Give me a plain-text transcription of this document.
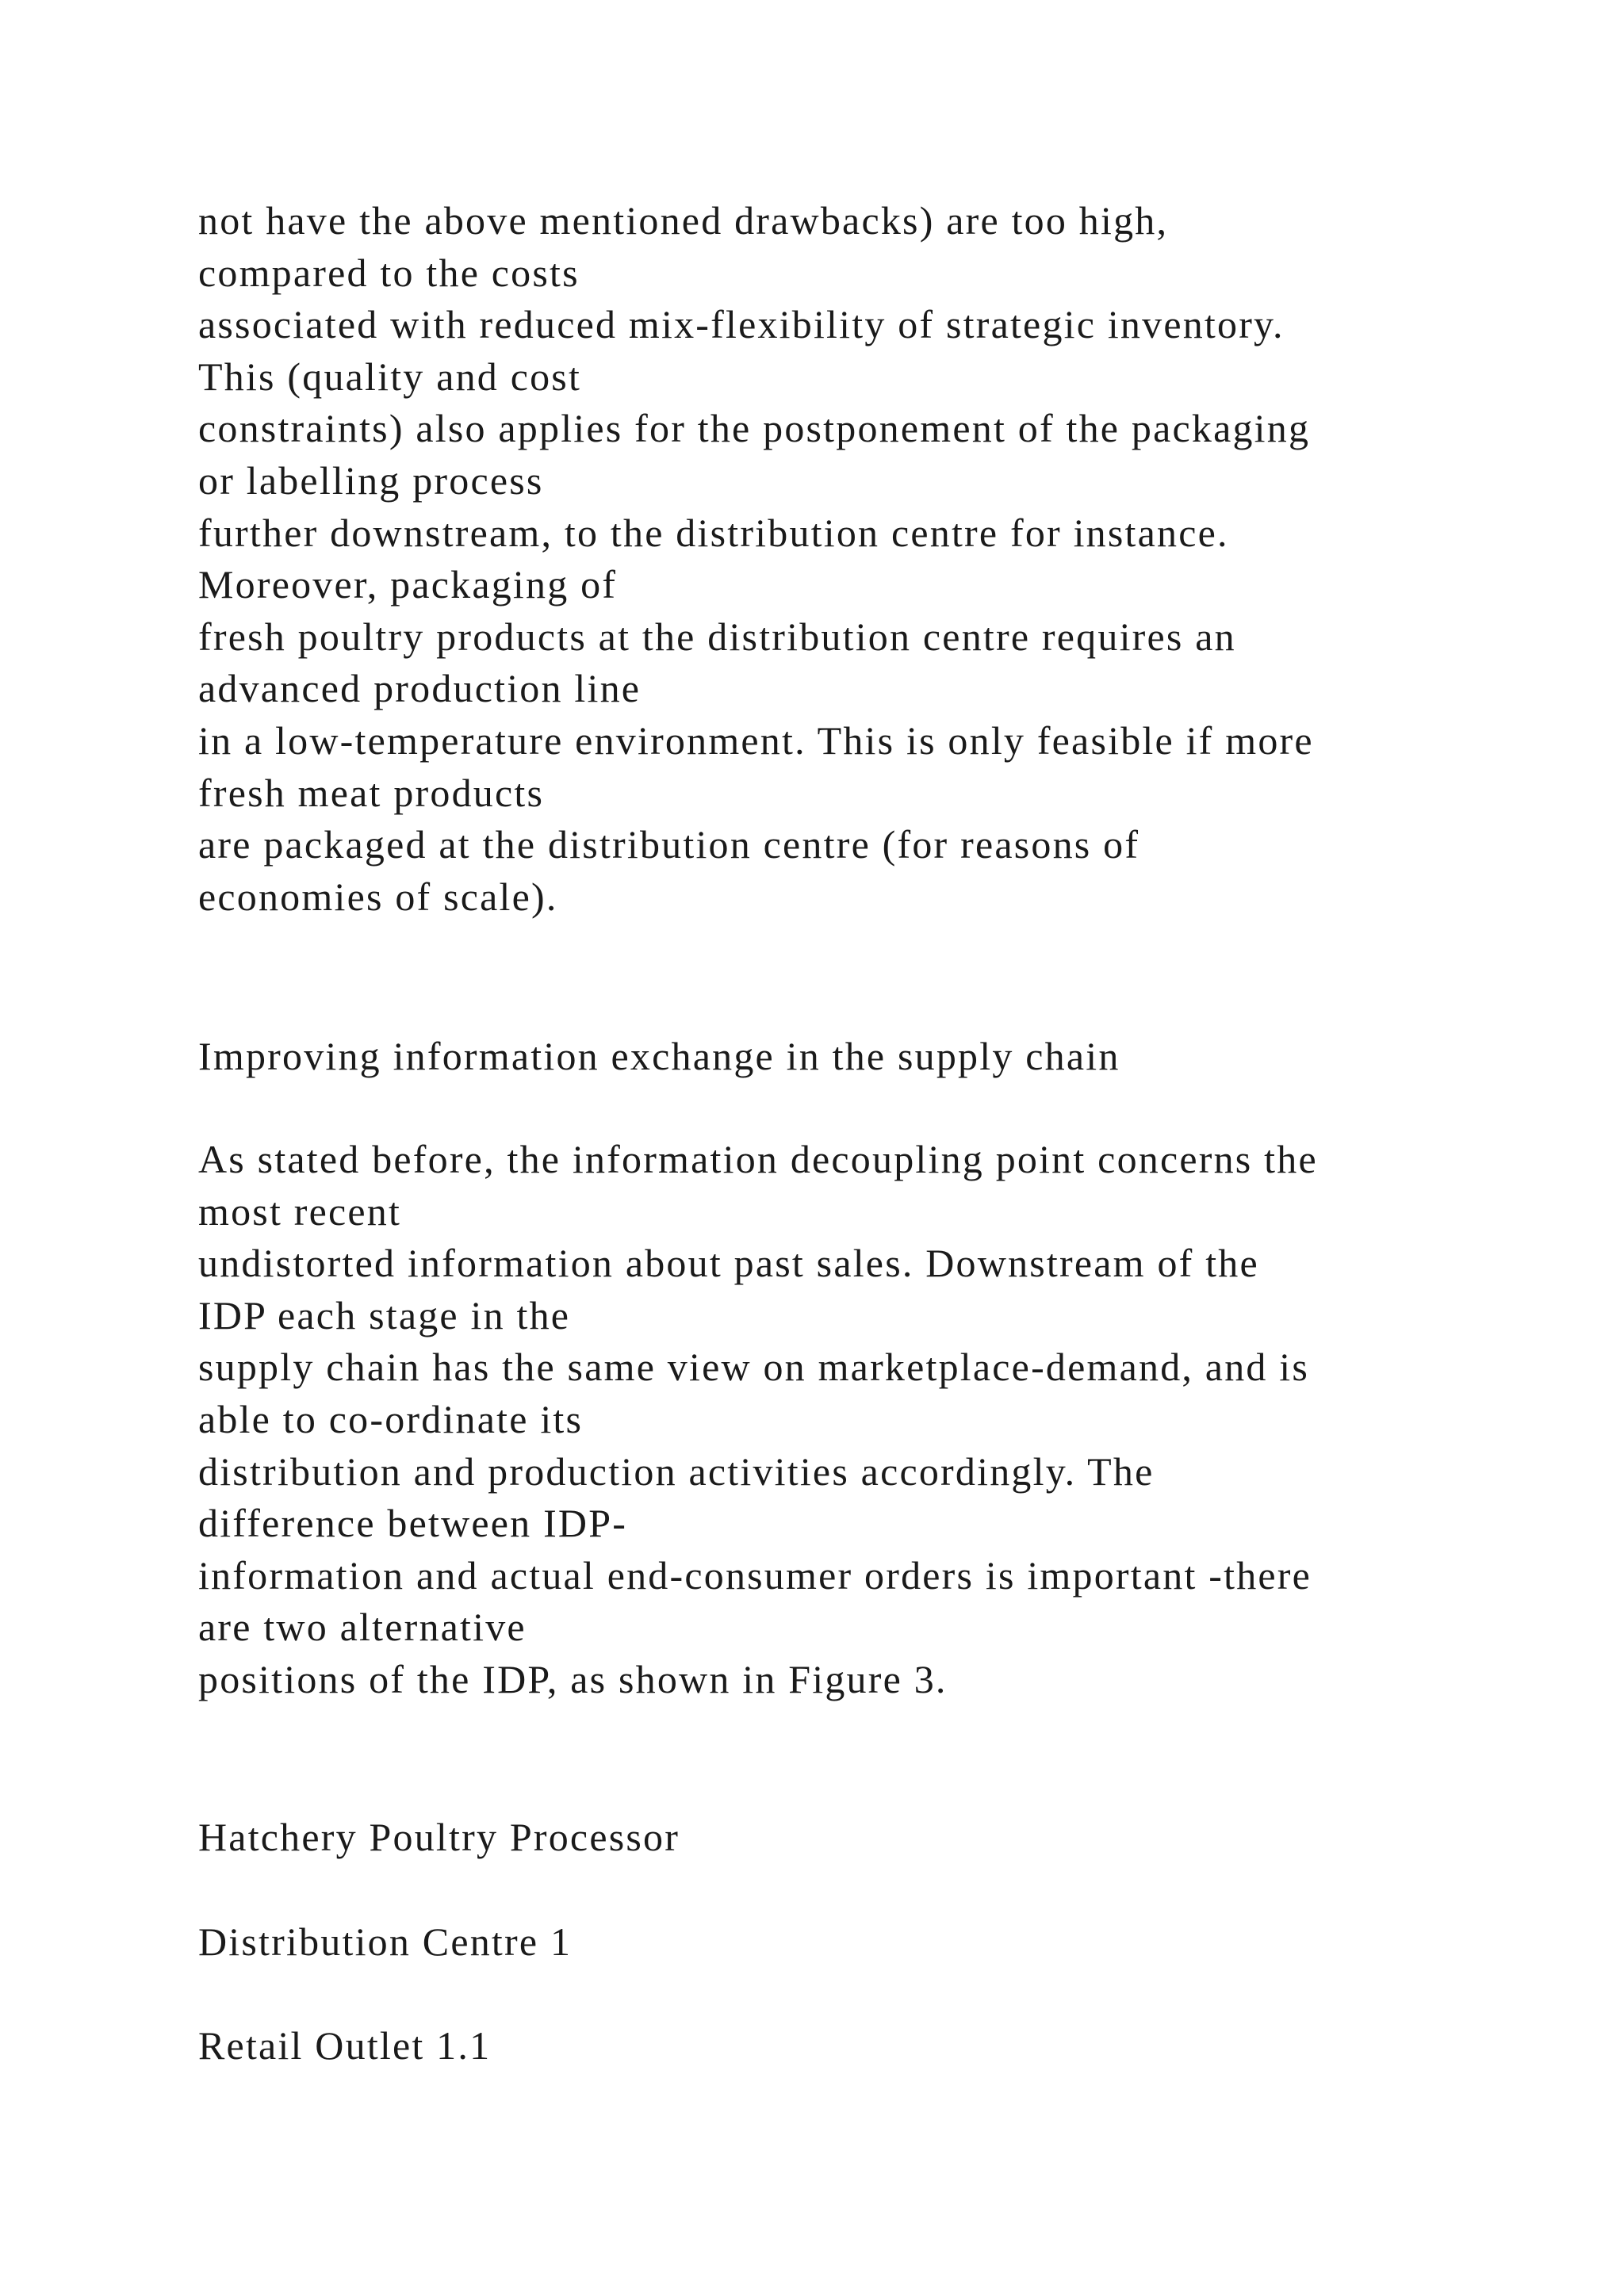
not have the above mentioned drawbacks) are too high,
compared to the costs
associated with reduced mix-flexibility of strategic inventory.
This (quality and cost
constraints) also applies for the postponement of the packaging
or labelling process
further downstream, to the distribution centre for instance.
Moreover, packaging of
fresh poultry products at the distribution centre requires an
advanced production line
in a low-temperature environment. This is only feasible if more
fresh meat products
are packaged at the distribution centre (for reasons of
economies of scale).
Improving information exchange in the supply chain
As stated before, the information decoupling point concerns the
most recent
undistorted information about past sales. Downstream of the
IDP each stage in the
supply chain has the same view on marketplace-demand, and is
able to co-ordinate its
distribution and production activities accordingly. The
difference between IDP-
information and actual end-consumer orders is important -there
are two alternative
positions of the IDP, as shown in Figure 3.
Hatchery Poultry Processor
Distribution Centre 1
Retail Outlet 1.1
